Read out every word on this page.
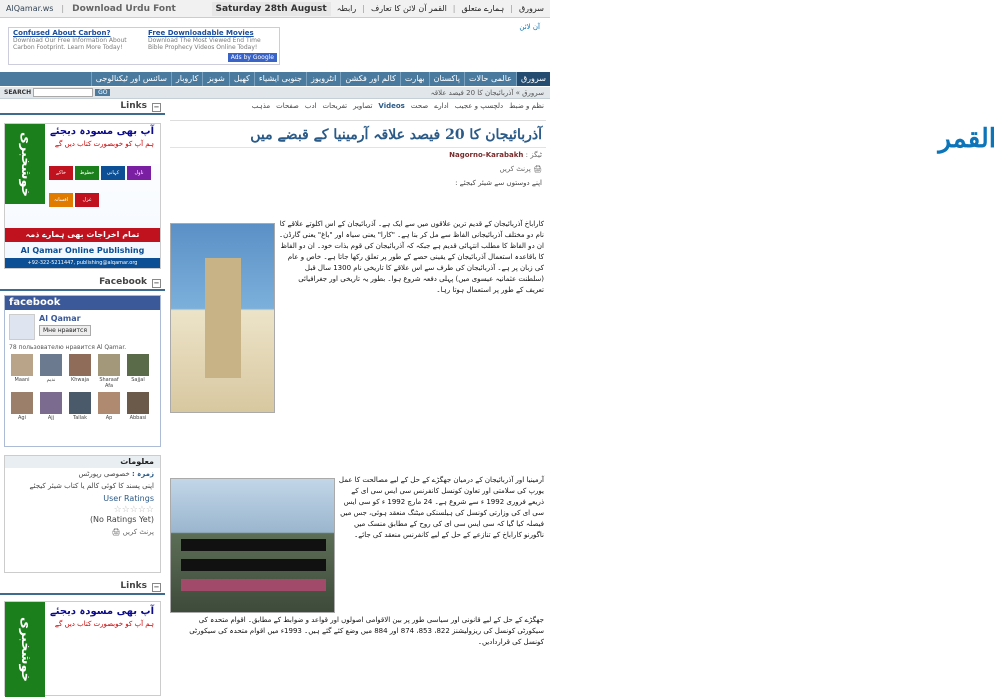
AlQamar.ws | Download Urdu Font	سرورق
|
ہمارے متعلق
|
القمر آن لائن کا تعارف
|
رابطہ
Saturday 28th August
Confused About Carbon?
Download Our Free Information About Carbon Footprint. Learn More Today!
Free Downloadable Movies
Download The Most Viewed End Time Bible Prophecy Videos Online Today!
Ads by Google
آن لائن
القمر
سرورق
عالمی حالات
پاکستان
بھارت
کالم اور فکشن
انٹرویوز
جنوبی ایشیاء
کھیل
شوبز
کاروبار
سائنس اور ٹیکنالوجی
SEARCH	GO	سرورق » آذربائیجان کا 20 فیصد علاقہ
Links −
آپ بھی مسودہ دیجئے
ہم آپ کو خوبصورت کتاب دیں گے
خوشخبری	خاکے	خطوط	کہانی	ناول
افسانہ	غزل
تمام اخراجات بھی ہمارے ذمہ
Al Qamar Online Publishing
+92-322-5211447, publishing@alqamar.org
Facebook −
facebook
Al Qamar
Мне нравится
78 пользователю нравится Al Qamar.
Maani	ندیم	Khwaja	Sharaaf Afa
Sajjal
Agi	Ajj	Tallak	Ap	Abbasi
معلومات
زمرہ : خصوصی رپورٹس
اپنی پسند کا کوئی کالم یا کتاب شیئر کیجئے
User Ratings
☆☆☆☆☆
(No Ratings Yet)
🖨 پرنٹ کریں
Links −
آپ بھی مسودہ دیجئے
ہم آپ کو خوبصورت کتاب دیں گے
خوشخبری
نظم و ضبط
دلچسپ و عجیب
ادارے
صحت
Videos
تصاویر
تفریحات
ادب
صفحات
مذہب
آذربائیجان کا 20 فیصد علاقہ آرمینیا کے قبضے میں
ٹیگز : Nagorno-Karabakh
🖨 پرنٹ کریں
اپنے دوستوں سے شیئر کیجئے :
کاراباخ آذربائیجان کے قدیم ترین علاقوں میں سے ایک ہے۔ آذربائیجان کے اس اکلوتے علاقے کا نام دو مختلف آذربائیجانی الفاظ سے مل کر بنا ہے۔ "کارا" یعنی سیاہ اور "باغ" یعنی گارڈن۔ ان دو الفاظ کا مطلب انتہائی قدیم ہے جبکہ کہ آذربائیجان کی قوم بذات خود۔ ان دو الفاظ کا باقاعدہ استعمال آذربائیجان کے یقینی حصے کے طور پر تعلق رکھا جاتا ہے۔ خاص و عام کی زبان پر ہے۔ آذربائیجان کی طرف سے اس علاقے کا تاریخی نام 1300 سال قبل (سلطنت عثمانیہ عیسوی میں) پہلی دفعہ شروع ہوا۔ بطور یہ تاریخی اور جغرافیائی تعریف کے طور پر استعمال ہوتا رہا۔
آرمینیا اور آذربائیجان کے درمیان جھگڑے کے حل کے لیے مصالحت کا عمل یورپ کی سلامتی اور تعاون کونسل کانفرنس سی ایس سی ای کے ذریعے فروری 1992 ء سے شروع ہے۔ 24 مارچ 1992 ء کو سی ایس سی ای کی وزارتی کونسل کی ہیلسنکی میٹنگ منعقد ہوئی، جس میں فیصلہ کیا گیا کہ سی ایس سی ای کی روح کے مطابق منسک میں ناگورنو کاراباخ کے تنازعے کے حل کے لیے کانفرنس منعقد کی جائے۔
جھگڑے کے حل کے لیے قانونی اور سیاسی طور پر بین الاقوامی اصولوں اور قواعد و ضوابط کے مطابق۔ اقوام متحدہ کی سیکورٹی کونسل کی ریزولیشنز 822، 853، 874 اور 884 میں وضع کئے گئے ہیں۔ 1993ء میں اقوام متحدہ کی سیکورٹی کونسل کی قراردادیں۔
